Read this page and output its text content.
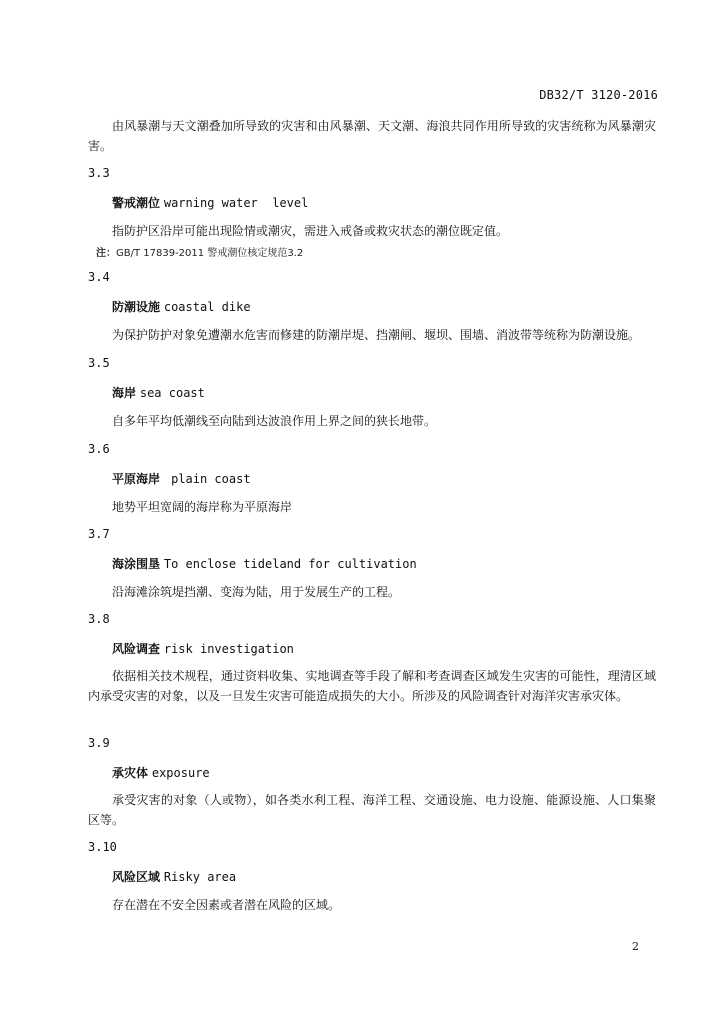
DB32/T 3120-2016

由风暴潮与天文潮叠加所导致的灾害和由风暴潮、天文潮、海浪共同作用所导致的灾害统称为风暴潮灾害。

3.3
警戒潮位 warning water  level
指防护区沿岸可能出现险情或潮灾，需进入戒备或救灾状态的潮位既定值。
注：GB/T 17839-2011 警戒潮位核定规范3.2
3.4
防潮设施 coastal dike
为保护防护对象免遭潮水危害而修建的防潮岸堤、挡潮闸、堰坝、围墙、消波带等统称为防潮设施。
3.5
海岸 sea coast
自多年平均低潮线至向陆到达波浪作用上界之间的狭长地带。
3.6
平原海岸  plain coast
地势平坦宽阔的海岸称为平原海岸
3.7
海涂围垦 To enclose tideland for cultivation
沿海滩涂筑堤挡潮、变海为陆，用于发展生产的工程。
3.8
风险调查 risk investigation

依据相关技术规程，通过资料收集、实地调查等手段了解和考查调查区域发生灾害的可能性，理清区域内承受灾害的对象，以及一旦发生灾害可能造成损失的大小。所涉及的风险调查针对海洋灾害承灾体。

3.9
承灾体 exposure

承受灾害的对象（人或物），如各类水利工程、海洋工程、交通设施、电力设施、能源设施、人口集聚区等。

3.10
风险区域 Risky area
存在潜在不安全因素或者潜在风险的区域。
2
